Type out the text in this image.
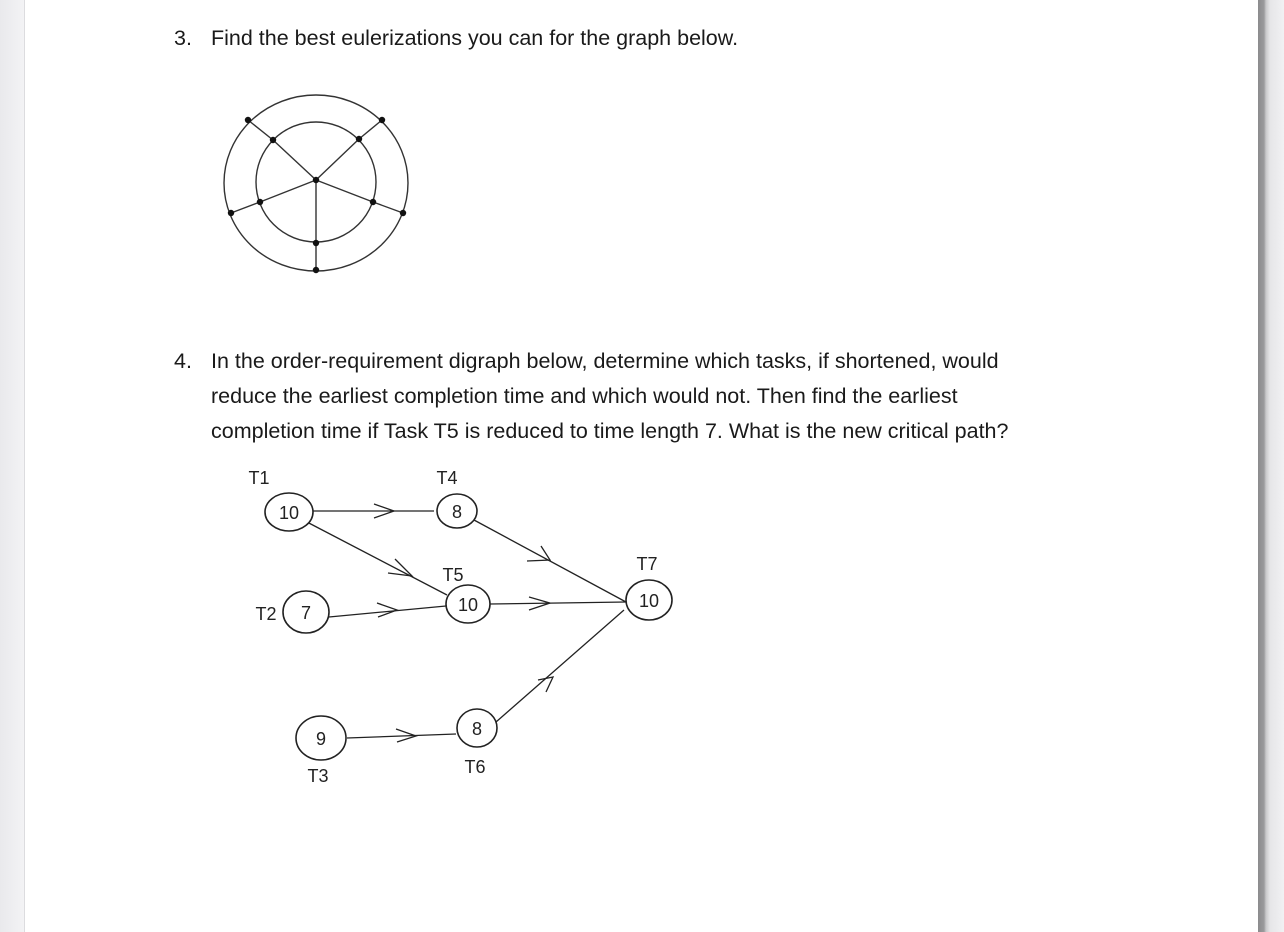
3. Find the best eulerizations you can for the graph below.
4. In the order-requirement digraph below, determine which tasks, if shortened, would
reduce the earliest completion time and which would not. Then find the earliest
completion time if Task T5 is reduced to time length 7. What is the new critical path?
10
7
9
8
10
8
10
T1
T2
T3
T4
T5
T6
T7
